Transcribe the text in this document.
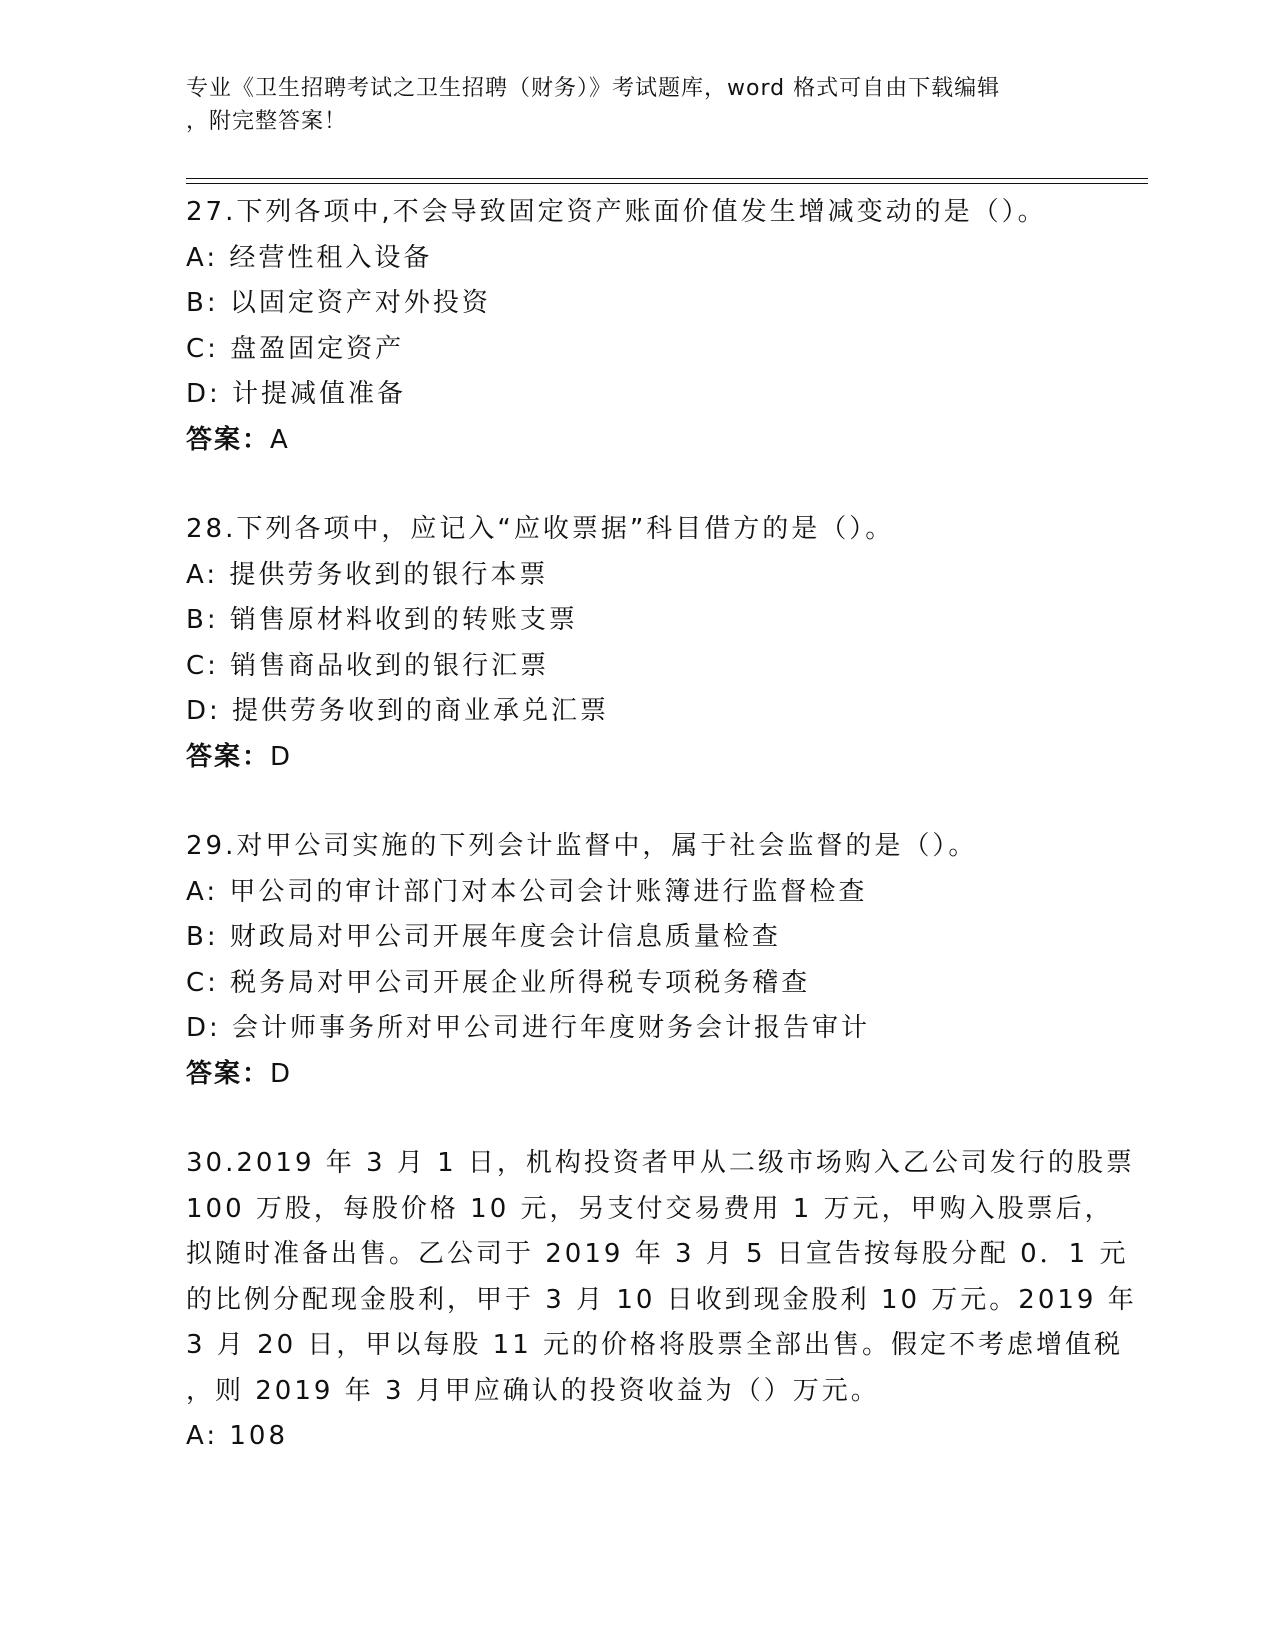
专业《卫生招聘考试之卫生招聘（财务）》考试题库，word 格式可自由下载编辑
，附完整答案！
27.下列各项中,不会导致固定资产账面价值发生增减变动的是（）。
A: 经营性租入设备
B: 以固定资产对外投资
C: 盘盈固定资产
D: 计提减值准备
答案：A
28.下列各项中，应记入“应收票据”科目借方的是（）。
A: 提供劳务收到的银行本票
B: 销售原材料收到的转账支票
C: 销售商品收到的银行汇票
D: 提供劳务收到的商业承兑汇票
答案：D
29.对甲公司实施的下列会计监督中，属于社会监督的是（）。
A: 甲公司的审计部门对本公司会计账簿进行监督检查
B: 财政局对甲公司开展年度会计信息质量检查
C: 税务局对甲公司开展企业所得税专项税务稽查
D: 会计师事务所对甲公司进行年度财务会计报告审计
答案：D
30.2019 年 3 月 1 日，机构投资者甲从二级市场购入乙公司发行的股票
100 万股，每股价格 10 元，另支付交易费用 1 万元，甲购入股票后，
拟随时准备出售。乙公司于 2019 年 3 月 5 日宣告按每股分配 0．1 元
的比例分配现金股利，甲于 3 月 10 日收到现金股利 10 万元。2019 年
3 月 20 日，甲以每股 11 元的价格将股票全部出售。假定不考虑增值税
，则 2019 年 3 月甲应确认的投资收益为（）万元。
A: 108
